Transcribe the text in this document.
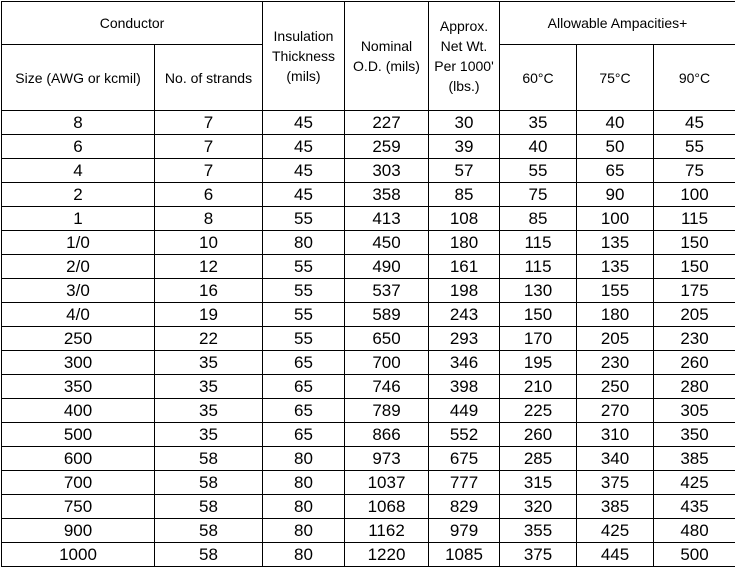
Conductor		Insulation Thickness (mils)	Nominal O.D. (mils)	Approx. Net Wt. Per 1000' (lbs.)	Allowable Ampacities+		
Size (AWG or kcmil)	No. of strands				60°C	75°C	90°C
8	7	45	227	30	35	40	45
6	7	45	259	39	40	50	55
4	7	45	303	57	55	65	75
2	6	45	358	85	75	90	100
1	8	55	413	108	85	100	115
1/0	10	80	450	180	115	135	150
2/0	12	55	490	161	115	135	150
3/0	16	55	537	198	130	155	175
4/0	19	55	589	243	150	180	205
250	22	55	650	293	170	205	230
300	35	65	700	346	195	230	260
350	35	65	746	398	210	250	280
400	35	65	789	449	225	270	305
500	35	65	866	552	260	310	350
600	58	80	973	675	285	340	385
700	58	80	1037	777	315	375	425
750	58	80	1068	829	320	385	435
900	58	80	1162	979	355	425	480
1000	58	80	1220	1085	375	445	500
